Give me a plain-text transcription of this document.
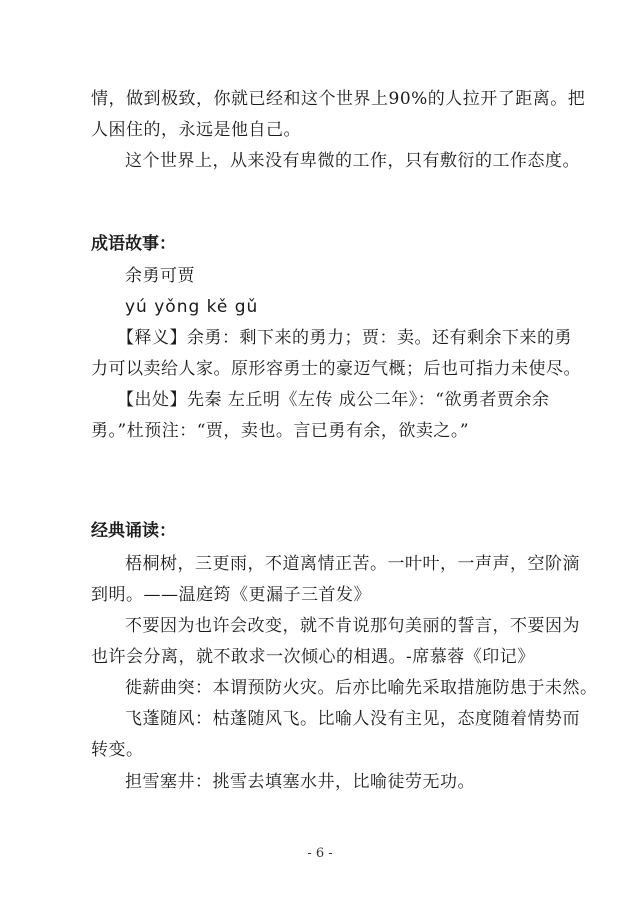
情，做到极致，你就已经和这个世界上90%的人拉开了距离。把
人困住的，永远是他自己。
这个世界上，从来没有卑微的工作，只有敷衍的工作态度。
成语故事：
余勇可贾
yú yǒng kě gǔ
【释义】余勇：剩下来的勇力；贾：卖。还有剩余下来的勇
力可以卖给人家。原形容勇士的豪迈气概；后也可指力未使尽。
【出处】先秦 左丘明《左传 成公二年》：“欲勇者贾余余
勇。”杜预注：“贾，卖也。言已勇有余，欲卖之。”
经典诵读：
梧桐树，三更雨，不道离情正苦。一叶叶，一声声，空阶滴
到明。——温庭筠《更漏子三首发》
不要因为也许会改变，就不肯说那句美丽的誓言，不要因为
也许会分离，就不敢求一次倾心的相遇。-席慕蓉《印记》
徙薪曲突：本谓预防火灾。后亦比喻先采取措施防患于未然。
飞蓬随风：枯蓬随风飞。比喻人没有主见，态度随着情势而
转变。
担雪塞井：挑雪去填塞水井，比喻徒劳无功。
- 6 -
